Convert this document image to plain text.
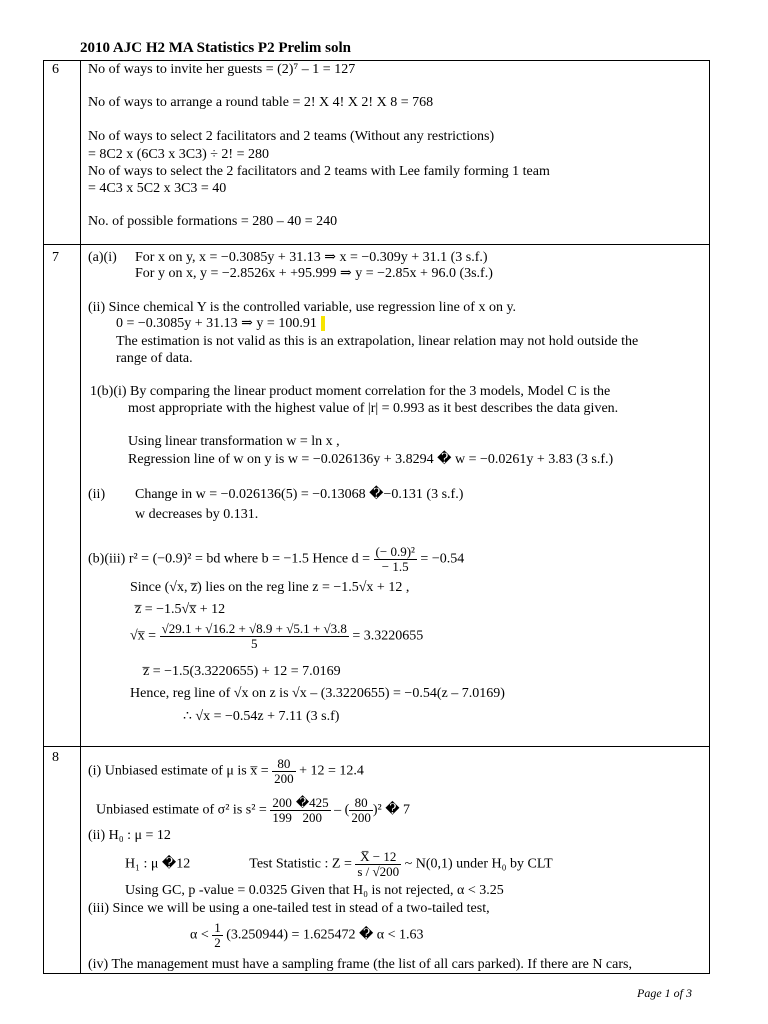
2010 AJC H2 MA Statistics P2 Prelim soln
6 No of ways to invite her guests = (2)⁷ – 1 = 127
No of ways to arrange a round table = 2! X 4! X 2! X 8 = 768
No of ways to select 2 facilitators and 2 teams (Without any restrictions)
= 8C2 x (6C3 x 3C3) ÷ 2! = 280
No of ways to select the 2 facilitators and 2 teams with Lee family forming 1 team
= 4C3 x 5C2 x 3C3 = 40
No. of possible formations = 280 – 40 = 240
7 (a)(i) For x on y, x = −0.3085y + 31.13 ⇒ x = −0.309y + 31.1 (3 s.f.)
For y on x, y = −2.8526x + +95.999 ⇒ y = −2.85x + 96.0 (3s.f.)
(ii) Since chemical Y is the controlled variable, use regression line of x on y.
0 = −0.3085y + 31.13 ⇒ y = 100.91
The estimation is not valid as this is an extrapolation, linear relation may not hold outside the
range of data.
1(b)(i) By comparing the linear product moment correlation for the 3 models, Model C is the
most appropriate with the highest value of |r| = 0.993 as it best describes the data given.
Using linear transformation w = ln x ,
Regression line of w on y is w = −0.026136y + 3.8294 � w = −0.0261y + 3.83 (3 s.f.)
(ii) Change in w = −0.026136(5) = −0.13068 �−0.131 (3 s.f.)
w decreases by 0.131.
(b)(iii) r² = (−0.9)² = bd where b = −1.5 Hence $d = \frac{\text{(− 0.9)²}}{- 1.5} = -0.54$
Since (√x, z̅) lies on the reg line z = −1.5√x + 12 ,
z̅ = −1.5√x̅ + 12
√x̅ = $\frac{√29.1 + √16.2 + √8.9 + √5.1 + √3.8}{5} = 3.3220655$
z̅ = −1.5(3.3220655) + 12 = 7.0169
Hence, reg line of √x on z is √x – (3.3220655) = −0.54(z – 7.0169)
∴ √x = −0.54z + 7.11 (3 s.f)
8
(i) Unbiased estimate of μ is x̅ = $\frac{80}{200} + 12 = 12.4$
Unbiased estimate of σ² is $s^2 = \frac{200}{199} \frac{�425}{200}$ – ( $\frac{80}{200} )^2$ � 7
(ii) H₀ : μ = 12
H₁ : μ �12	Test Statistic : $Z = \frac{X̅ - 12}{s / √200}$ ~ N(0,1) under H₀ by CLT
Using GC, p -value = 0.0325 Given that H₀ is not rejected, α < 3.25
(iii) Since we will be using a one-tailed test in stead of a two-tailed test,
$\alpha < \frac{1}{2} (3.250944) = 1.625472$ � α < 1.63
(iv) The management must have a sampling frame (the list of all cars parked). If there are N cars,
Page 1 of 3
